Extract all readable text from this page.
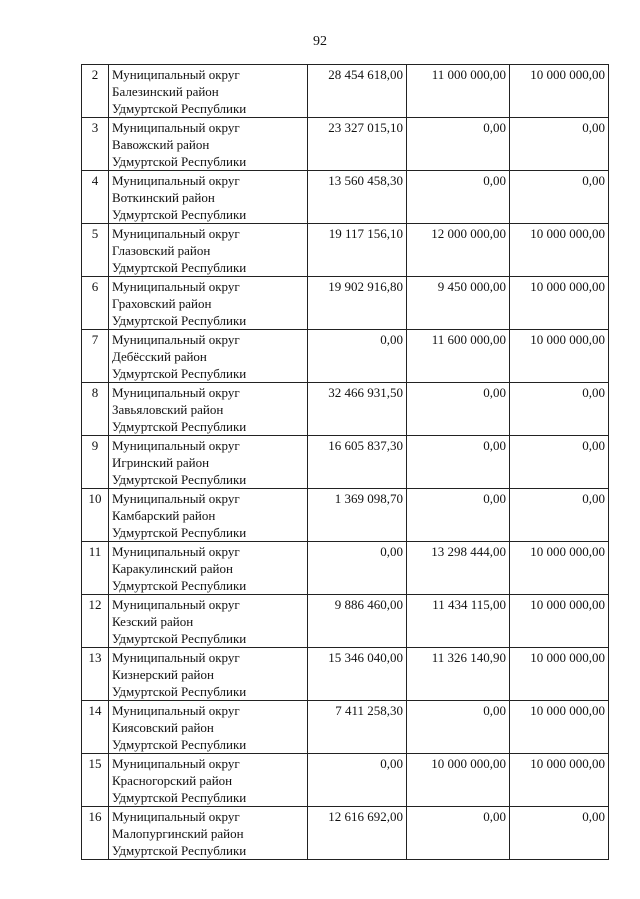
92
2	Муниципальный округ
Балезинский район
Удмуртской Республики	28 454 618,00	11 000 000,00	10 000 000,00
3	Муниципальный округ
Вавожский район
Удмуртской Республики	23 327 015,10	0,00	0,00
4	Муниципальный округ
Воткинский район
Удмуртской Республики	13 560 458,30	0,00	0,00
5	Муниципальный округ
Глазовский район
Удмуртской Республики	19 117 156,10	12 000 000,00	10 000 000,00
6	Муниципальный округ
Граховский район
Удмуртской Республики	19 902 916,80	9 450 000,00	10 000 000,00
7	Муниципальный округ
Дебёсский район
Удмуртской Республики	0,00	11 600 000,00	10 000 000,00
8	Муниципальный округ
Завьяловский район
Удмуртской Республики	32 466 931,50	0,00	0,00
9	Муниципальный округ
Игринский район
Удмуртской Республики	16 605 837,30	0,00	0,00
10	Муниципальный округ
Камбарский район
Удмуртской Республики	1 369 098,70	0,00	0,00
11	Муниципальный округ
Каракулинский район
Удмуртской Республики	0,00	13 298 444,00	10 000 000,00
12	Муниципальный округ
Кезский район
Удмуртской Республики	9 886 460,00	11 434 115,00	10 000 000,00
13	Муниципальный округ
Кизнерский район
Удмуртской Республики	15 346 040,00	11 326 140,90	10 000 000,00
14	Муниципальный округ
Киясовский район
Удмуртской Республики	7 411 258,30	0,00	10 000 000,00
15	Муниципальный округ
Красногорский район
Удмуртской Республики	0,00	10 000 000,00	10 000 000,00
16	Муниципальный округ
Малопургинский район
Удмуртской Республики	12 616 692,00	0,00	0,00
